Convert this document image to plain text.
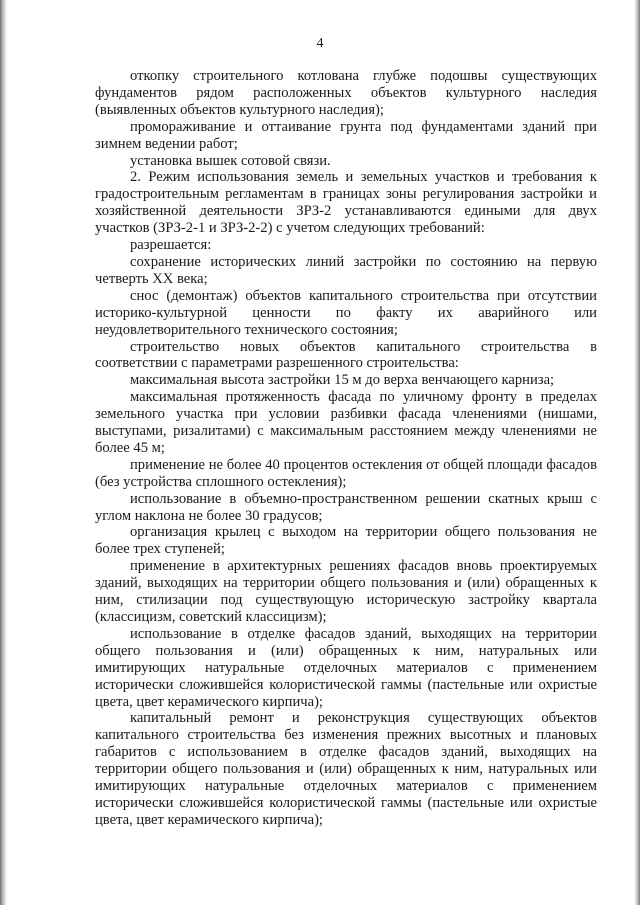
4

откопку строительного котлована глубже подошвы существующих фундаментов рядом расположенных объектов культурного наследия (выявленных объектов культурного наследия);

промораживание и оттаивание грунта под фундаментами зданий при зимнем ведении работ;

установка вышек сотовой связи.

2. Режим использования земель и земельных участков и требования к градостроительным регламентам в границах зоны регулирования застройки и хозяйственной деятельности ЗРЗ-2 устанавливаются едиными для двух участков (ЗРЗ-2-1 и ЗРЗ-2-2) с учетом следующих требований:

разрешается:

сохранение исторических линий застройки по состоянию на первую четверть XX века;

снос (демонтаж) объектов капитального строительства при отсутствии историко-культурной ценности по факту их аварийного или неудовлетворительного технического состояния;

строительство новых объектов капитального строительства в соответствии с параметрами разрешенного строительства:

максимальная высота застройки 15 м до верха венчающего карниза;

максимальная протяженность фасада по уличному фронту в пределах земельного участка при условии разбивки фасада членениями (нишами, выступами, ризалитами) с максимальным расстоянием между членениями не более 45 м;

применение не более 40 процентов остекления от общей площади фасадов (без устройства сплошного остекления);

использование в объемно-пространственном решении скатных крыш с углом наклона не более 30 градусов;

организация крылец с выходом на территории общего пользования не более трех ступеней;

применение в архитектурных решениях фасадов вновь проектируемых зданий, выходящих на территории общего пользования и (или) обращенных к ним, стилизации под существующую историческую застройку квартала (классицизм, советский классицизм);

использование в отделке фасадов зданий, выходящих на территории общего пользования и (или) обращенных к ним, натуральных или имитирующих натуральные отделочных материалов с применением исторически сложившейся колористической гаммы (пастельные или охристые цвета, цвет керамического кирпича);

капитальный ремонт и реконструкция существующих объектов капитального строительства без изменения прежних высотных и плановых габаритов с использованием в отделке фасадов зданий, выходящих на территории общего пользования и (или) обращенных к ним, натуральных или имитирующих натуральные отделочных материалов с применением исторически сложившейся колористической гаммы (пастельные или охристые цвета, цвет керамического кирпича);
